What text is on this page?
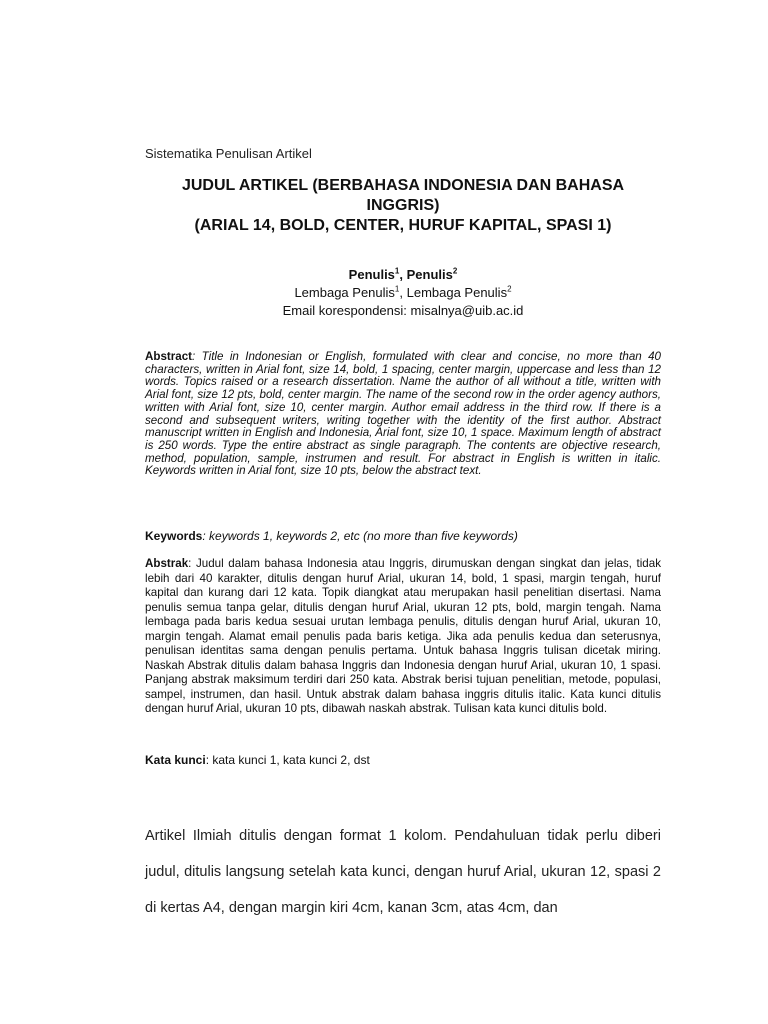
Sistematika Penulisan Artikel
JUDUL ARTIKEL (BERBAHASA INDONESIA DAN BAHASA
INGGRIS)
(ARIAL 14, BOLD, CENTER, HURUF KAPITAL, SPASI 1)
Penulis$^1$, Penulis$^2$
Lembaga Penulis$^1$, Lembaga Penulis$^2$
Email korespondensi: misalnya@uib.ac.id
Abstract: Title in Indonesian or English, formulated with clear and concise, no more than 40 characters, written in Arial font, size 14, bold, 1 spacing, center margin, uppercase and less than 12 words. Topics raised or a research dissertation. Name the author of all without a title, written with Arial font, size 12 pts, bold, center margin. The name of the second row in the order agency authors, written with Arial font, size 10, center margin. Author email address in the third row. If there is a second and subsequent writers, writing together with the identity of the first author. Abstract manuscript written in English and Indonesia, Arial font, size 10, 1 space. Maximum length of abstract is 250 words. Type the entire abstract as single paragraph. The contents are objective research, method, population, sample, instrumen and result. For abstract in English is written in italic. Keywords written in Arial font, size 10 pts, below the abstract text.
Keywords: keywords 1, keywords 2, etc (no more than five keywords)
Abstrak: Judul dalam bahasa Indonesia atau Inggris, dirumuskan dengan singkat dan jelas, tidak lebih dari 40 karakter, ditulis dengan huruf Arial, ukuran 14, bold, 1 spasi, margin tengah, huruf kapital dan kurang dari 12 kata. Topik diangkat atau merupakan hasil penelitian disertasi. Nama penulis semua tanpa gelar, ditulis dengan huruf Arial, ukuran 12 pts, bold, margin tengah. Nama lembaga pada baris kedua sesuai urutan lembaga penulis, ditulis dengan huruf Arial, ukuran 10, margin tengah. Alamat email penulis pada baris ketiga. Jika ada penulis kedua dan seterusnya, penulisan identitas sama dengan penulis pertama. Untuk bahasa Inggris tulisan dicetak miring. Naskah Abstrak ditulis dalam bahasa Inggris dan Indonesia dengan huruf Arial, ukuran 10, 1 spasi. Panjang abstrak maksimum terdiri dari 250 kata. Abstrak berisi tujuan penelitian, metode, populasi, sampel, instrumen, dan hasil. Untuk abstrak dalam bahasa inggris ditulis italic. Kata kunci ditulis dengan huruf Arial, ukuran 10 pts, dibawah naskah abstrak. Tulisan kata kunci ditulis bold.
Kata kunci: kata kunci 1, kata kunci 2, dst
Artikel Ilmiah ditulis dengan format 1 kolom. Pendahuluan tidak perlu diberi judul, ditulis langsung setelah kata kunci, dengan huruf Arial, ukuran 12, spasi 2 di kertas A4, dengan margin kiri 4cm, kanan 3cm, atas 4cm, dan
